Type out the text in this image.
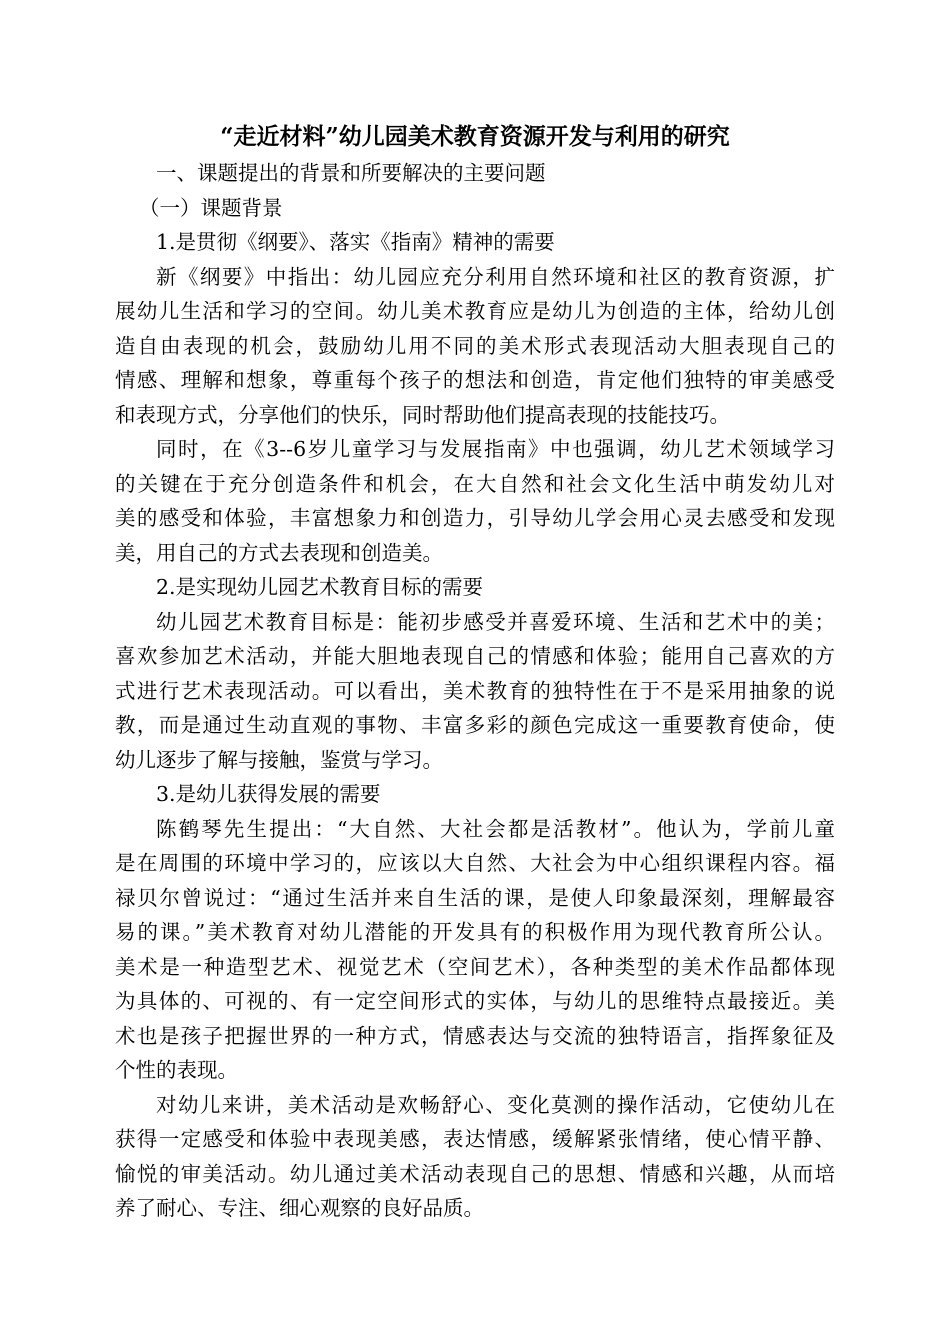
“走近材料”幼儿园美术教育资源开发与利用的研究
一、课题提出的背景和所要解决的主要问题
（一）课题背景
1.是贯彻《纲要》、落实《指南》精神的需要
新《纲要》中指出：幼儿园应充分利用自然环境和社区的教育资源，扩
展幼儿生活和学习的空间。幼儿美术教育应是幼儿为创造的主体，给幼儿创
造自由表现的机会，鼓励幼儿用不同的美术形式表现活动大胆表现自己的
情感、理解和想象，尊重每个孩子的想法和创造，肯定他们独特的审美感受
和表现方式，分享他们的快乐，同时帮助他们提高表现的技能技巧。
同时，在《3--6岁儿童学习与发展指南》中也强调，幼儿艺术领域学习
的关键在于充分创造条件和机会，在大自然和社会文化生活中萌发幼儿对
美的感受和体验，丰富想象力和创造力，引导幼儿学会用心灵去感受和发现
美，用自己的方式去表现和创造美。
2.是实现幼儿园艺术教育目标的需要
幼儿园艺术教育目标是：能初步感受并喜爱环境、生活和艺术中的美；
喜欢参加艺术活动，并能大胆地表现自己的情感和体验；能用自己喜欢的方
式进行艺术表现活动。可以看出，美术教育的独特性在于不是采用抽象的说
教，而是通过生动直观的事物、丰富多彩的颜色完成这一重要教育使命，使
幼儿逐步了解与接触，鉴赏与学习。
3.是幼儿获得发展的需要
陈鹤琴先生提出：“大自然、大社会都是活教材”。他认为，学前儿童
是在周围的环境中学习的，应该以大自然、大社会为中心组织课程内容。福
禄贝尔曾说过：“通过生活并来自生活的课，是使人印象最深刻，理解最容
易的课。”美术教育对幼儿潜能的开发具有的积极作用为现代教育所公认。
美术是一种造型艺术、视觉艺术（空间艺术），各种类型的美术作品都体现
为具体的、可视的、有一定空间形式的实体，与幼儿的思维特点最接近。美
术也是孩子把握世界的一种方式，情感表达与交流的独特语言，指挥象征及
个性的表现。
对幼儿来讲，美术活动是欢畅舒心、变化莫测的操作活动，它使幼儿在
获得一定感受和体验中表现美感，表达情感，缓解紧张情绪，使心情平静、
愉悦的审美活动。幼儿通过美术活动表现自己的思想、情感和兴趣，从而培
养了耐心、专注、细心观察的良好品质。
